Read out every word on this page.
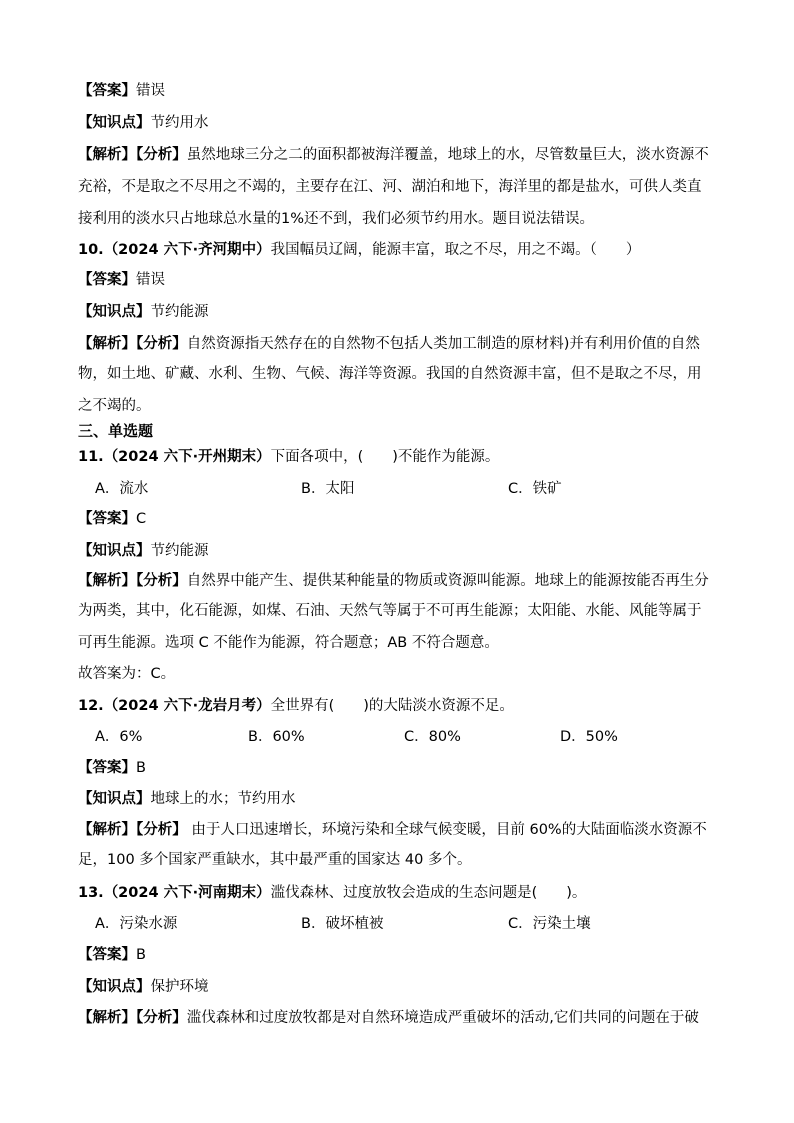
【答案】错误
【知识点】节约用水
【解析】【分析】虽然地球三分之二的面积都被海洋覆盖，地球上的水，尽管数量巨大，淡水资源不
充裕，不是取之不尽用之不竭的，主要存在江、河、湖泊和地下，海洋里的都是盐水，可供人类直
接利用的淡水只占地球总水量的1%还不到，我们必须节约用水。题目说法错误。
10.（2024 六下·齐河期中）我国幅员辽阔，能源丰富，取之不尽，用之不竭。（　　）
【答案】错误
【知识点】节约能源
【解析】【分析】自然资源指天然存在的自然物不包括人类加工制造的原材料)并有利用价值的自然
物，如土地、矿藏、水利、生物、气候、海洋等资源。我国的自然资源丰富，但不是取之不尽，用
之不竭的。
三、单选题
11.（2024 六下·开州期末）下面各项中，(　　)不能作为能源。
A．流水	B．太阳	C．铁矿
【答案】C
【知识点】节约能源
【解析】【分析】自然界中能产生、提供某种能量的物质或资源叫能源。地球上的能源按能否再生分
为两类，其中，化石能源，如煤、石油、天然气等属于不可再生能源；太阳能、水能、风能等属于
可再生能源。选项 C 不能作为能源，符合题意；AB 不符合题意。
故答案为：C。
12.（2024 六下·龙岩月考）全世界有(　　)的大陆淡水资源不足。
A．6%	B．60%	C．80%	D．50%
【答案】B
【知识点】地球上的水；节约用水
【解析】【分析】 由于人口迅速增长，环境污染和全球气候变暖，目前 60%的大陆面临淡水资源不
足，100 多个国家严重缺水，其中最严重的国家达 40 多个。
13.（2024 六下·河南期末）滥伐森林、过度放牧会造成的生态问题是(　　)。
A．污染水源	B．破坏植被	C．污染土壤
【答案】B
【知识点】保护环境
【解析】【分析】滥伐森林和过度放牧都是对自然环境造成严重破坏的活动,它们共同的问题在于破
